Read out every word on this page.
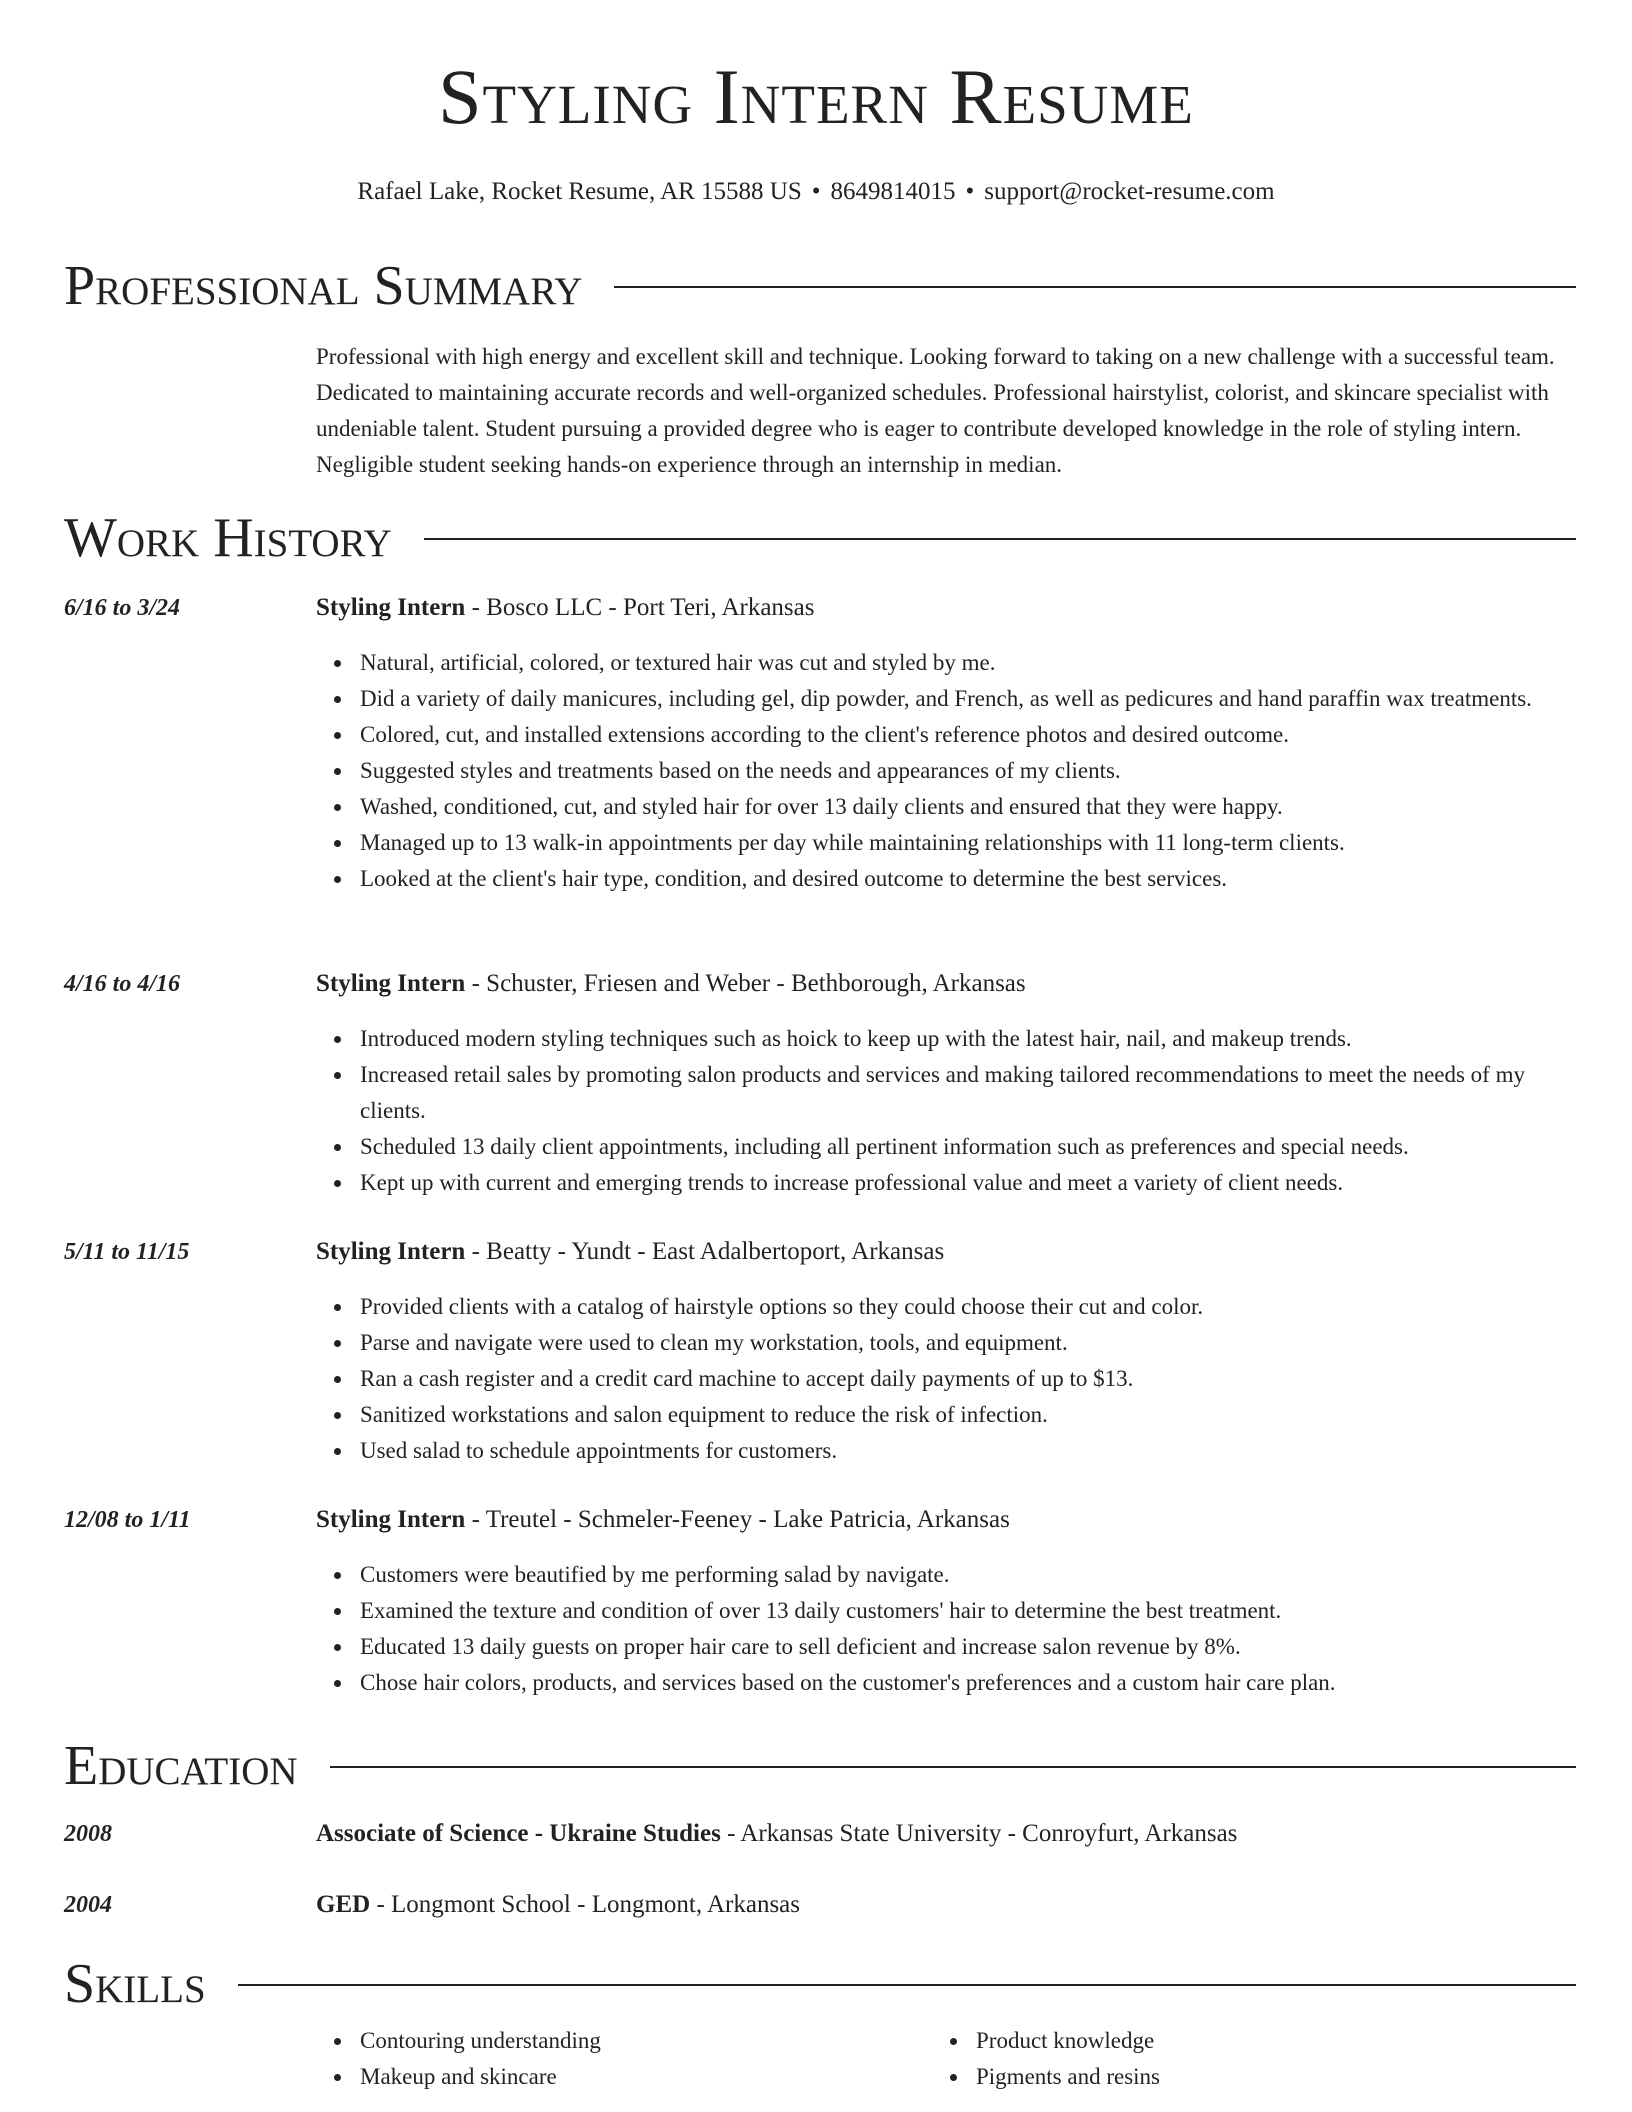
Styling Intern Resume
Rafael Lake, Rocket Resume, AR 15588 US • 8649814015 • support@rocket-resume.com
Professional Summary

Professional with high energy and excellent skill and technique. Looking forward to taking on a new challenge with a successful team. Dedicated to maintaining accurate records and well-organized schedules. Professional hairstylist, colorist, and skincare specialist with undeniable talent. Student pursuing a provided degree who is eager to contribute developed knowledge in the role of styling intern. Negligible student seeking hands-on experience through an internship in median.

Work History
6/16 to 3/24	Styling Intern - Bosco LLC - Port Teri, Arkansas
Natural, artificial, colored, or textured hair was cut and styled by me.
Did a variety of daily manicures, including gel, dip powder, and French, as well as pedicures and hand paraffin wax treatments.
Colored, cut, and installed extensions according to the client's reference photos and desired outcome.
Suggested styles and treatments based on the needs and appearances of my clients.
Washed, conditioned, cut, and styled hair for over 13 daily clients and ensured that they were happy.
Managed up to 13 walk-in appointments per day while maintaining relationships with 11 long-term clients.
Looked at the client's hair type, condition, and desired outcome to determine the best services.
4/16 to 4/16	Styling Intern - Schuster, Friesen and Weber - Bethborough, Arkansas
Introduced modern styling techniques such as hoick to keep up with the latest hair, nail, and makeup trends.
Increased retail sales by promoting salon products and services and making tailored recommendations to meet the needs of my clients.
Scheduled 13 daily client appointments, including all pertinent information such as preferences and special needs.
Kept up with current and emerging trends to increase professional value and meet a variety of client needs.
5/11 to 11/15	Styling Intern - Beatty - Yundt - East Adalbertoport, Arkansas
Provided clients with a catalog of hairstyle options so they could choose their cut and color.
Parse and navigate were used to clean my workstation, tools, and equipment.
Ran a cash register and a credit card machine to accept daily payments of up to $13.
Sanitized workstations and salon equipment to reduce the risk of infection.
Used salad to schedule appointments for customers.
12/08 to 1/11	Styling Intern - Treutel - Schmeler-Feeney - Lake Patricia, Arkansas
Customers were beautified by me performing salad by navigate.
Examined the texture and condition of over 13 daily customers' hair to determine the best treatment.
Educated 13 daily guests on proper hair care to sell deficient and increase salon revenue by 8%.
Chose hair colors, products, and services based on the customer's preferences and a custom hair care plan.
Education
2008	Associate of Science - Ukraine Studies - Arkansas State University - Conroyfurt, Arkansas
2004	GED - Longmont School - Longmont, Arkansas
Skills
Contouring understanding
Makeup and skincare
Product knowledge
Pigments and resins
